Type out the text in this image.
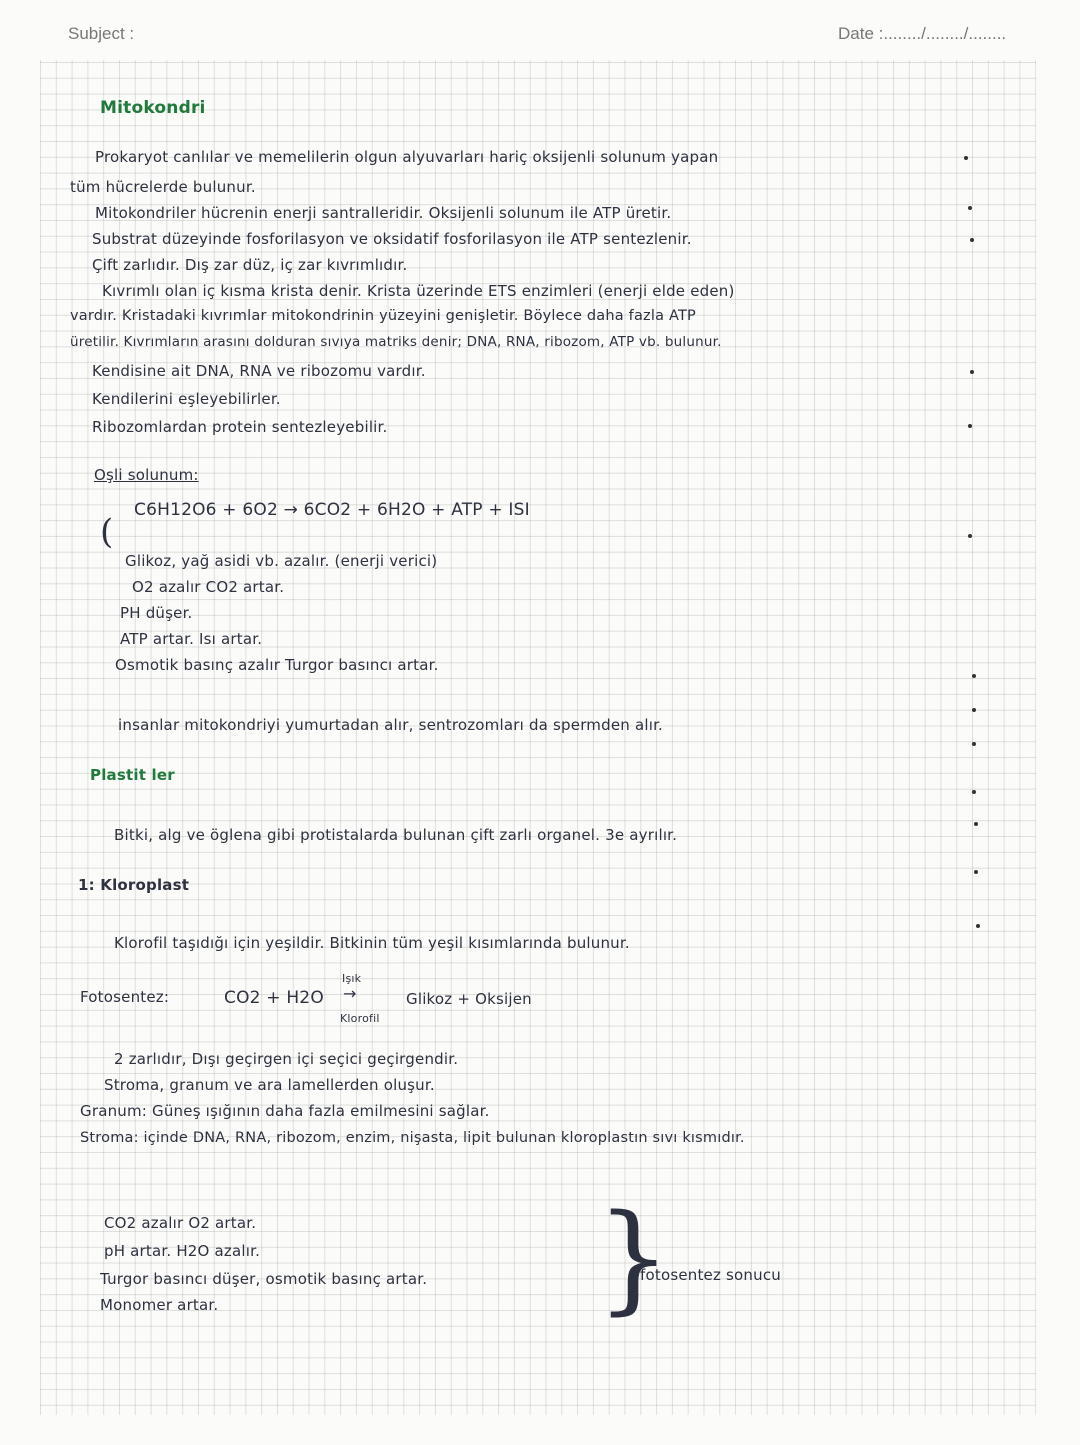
Subject :	Date :......../......../........
Mitokondri
Prokaryot canlılar ve memelilerin olgun alyuvarları hariç oksijenli solunum yapan
tüm hücrelerde bulunur.
Mitokondriler hücrenin enerji santralleridir. Oksijenli solunum ile ATP üretir.
Substrat düzeyinde fosforilasyon ve oksidatif fosforilasyon ile ATP sentezlenir.
Çift zarlıdır. Dış zar düz, iç zar kıvrımlıdır.
Kıvrımlı olan iç kısma krista denir. Krista üzerinde ETS enzimleri (enerji elde eden)
vardır. Kristadaki kıvrımlar mitokondrinin yüzeyini genişletir. Böylece daha fazla ATP
üretilir. Kıvrımların arasını dolduran sıvıya matriks denir; DNA, RNA, ribozom, ATP vb. bulunur.
Kendisine ait DNA, RNA ve ribozomu vardır.
Kendilerini eşleyebilirler.
Ribozomlardan protein sentezleyebilir.
Oşli solunum:
C6H12O6 + 6O2 → 6CO2 + 6H2O + ATP + ISI
(
Glikoz, yağ asidi vb. azalır. (enerji verici)
O2 azalır CO2 artar.
PH düşer.
ATP artar. Isı artar.
Osmotik basınç azalır Turgor basıncı artar.
insanlar mitokondriyi yumurtadan alır, sentrozomları da spermden alır.
Plastit ler
Bitki, alg ve öglena gibi protistalarda bulunan çift zarlı organel. 3e ayrılır.
1: Kloroplast
Klorofil taşıdığı için yeşildir. Bitkinin tüm yeşil kısımlarında bulunur.
Fotosentez:	CO2 + H2O
Işık
→
Klorofil
Glikoz + Oksijen
2 zarlıdır, Dışı geçirgen içi seçici geçirgendir.
Stroma, granum ve ara lamellerden oluşur.
Granum: Güneş ışığının daha fazla emilmesini sağlar.
Stroma: içinde DNA, RNA, ribozom, enzim, nişasta, lipit bulunan kloroplastın sıvı kısmıdır.
CO2 azalır O2 artar.
pH artar. H2O azalır.
Turgor basıncı düşer, osmotik basınç artar.
Monomer artar.	}
fotosentez sonucu
